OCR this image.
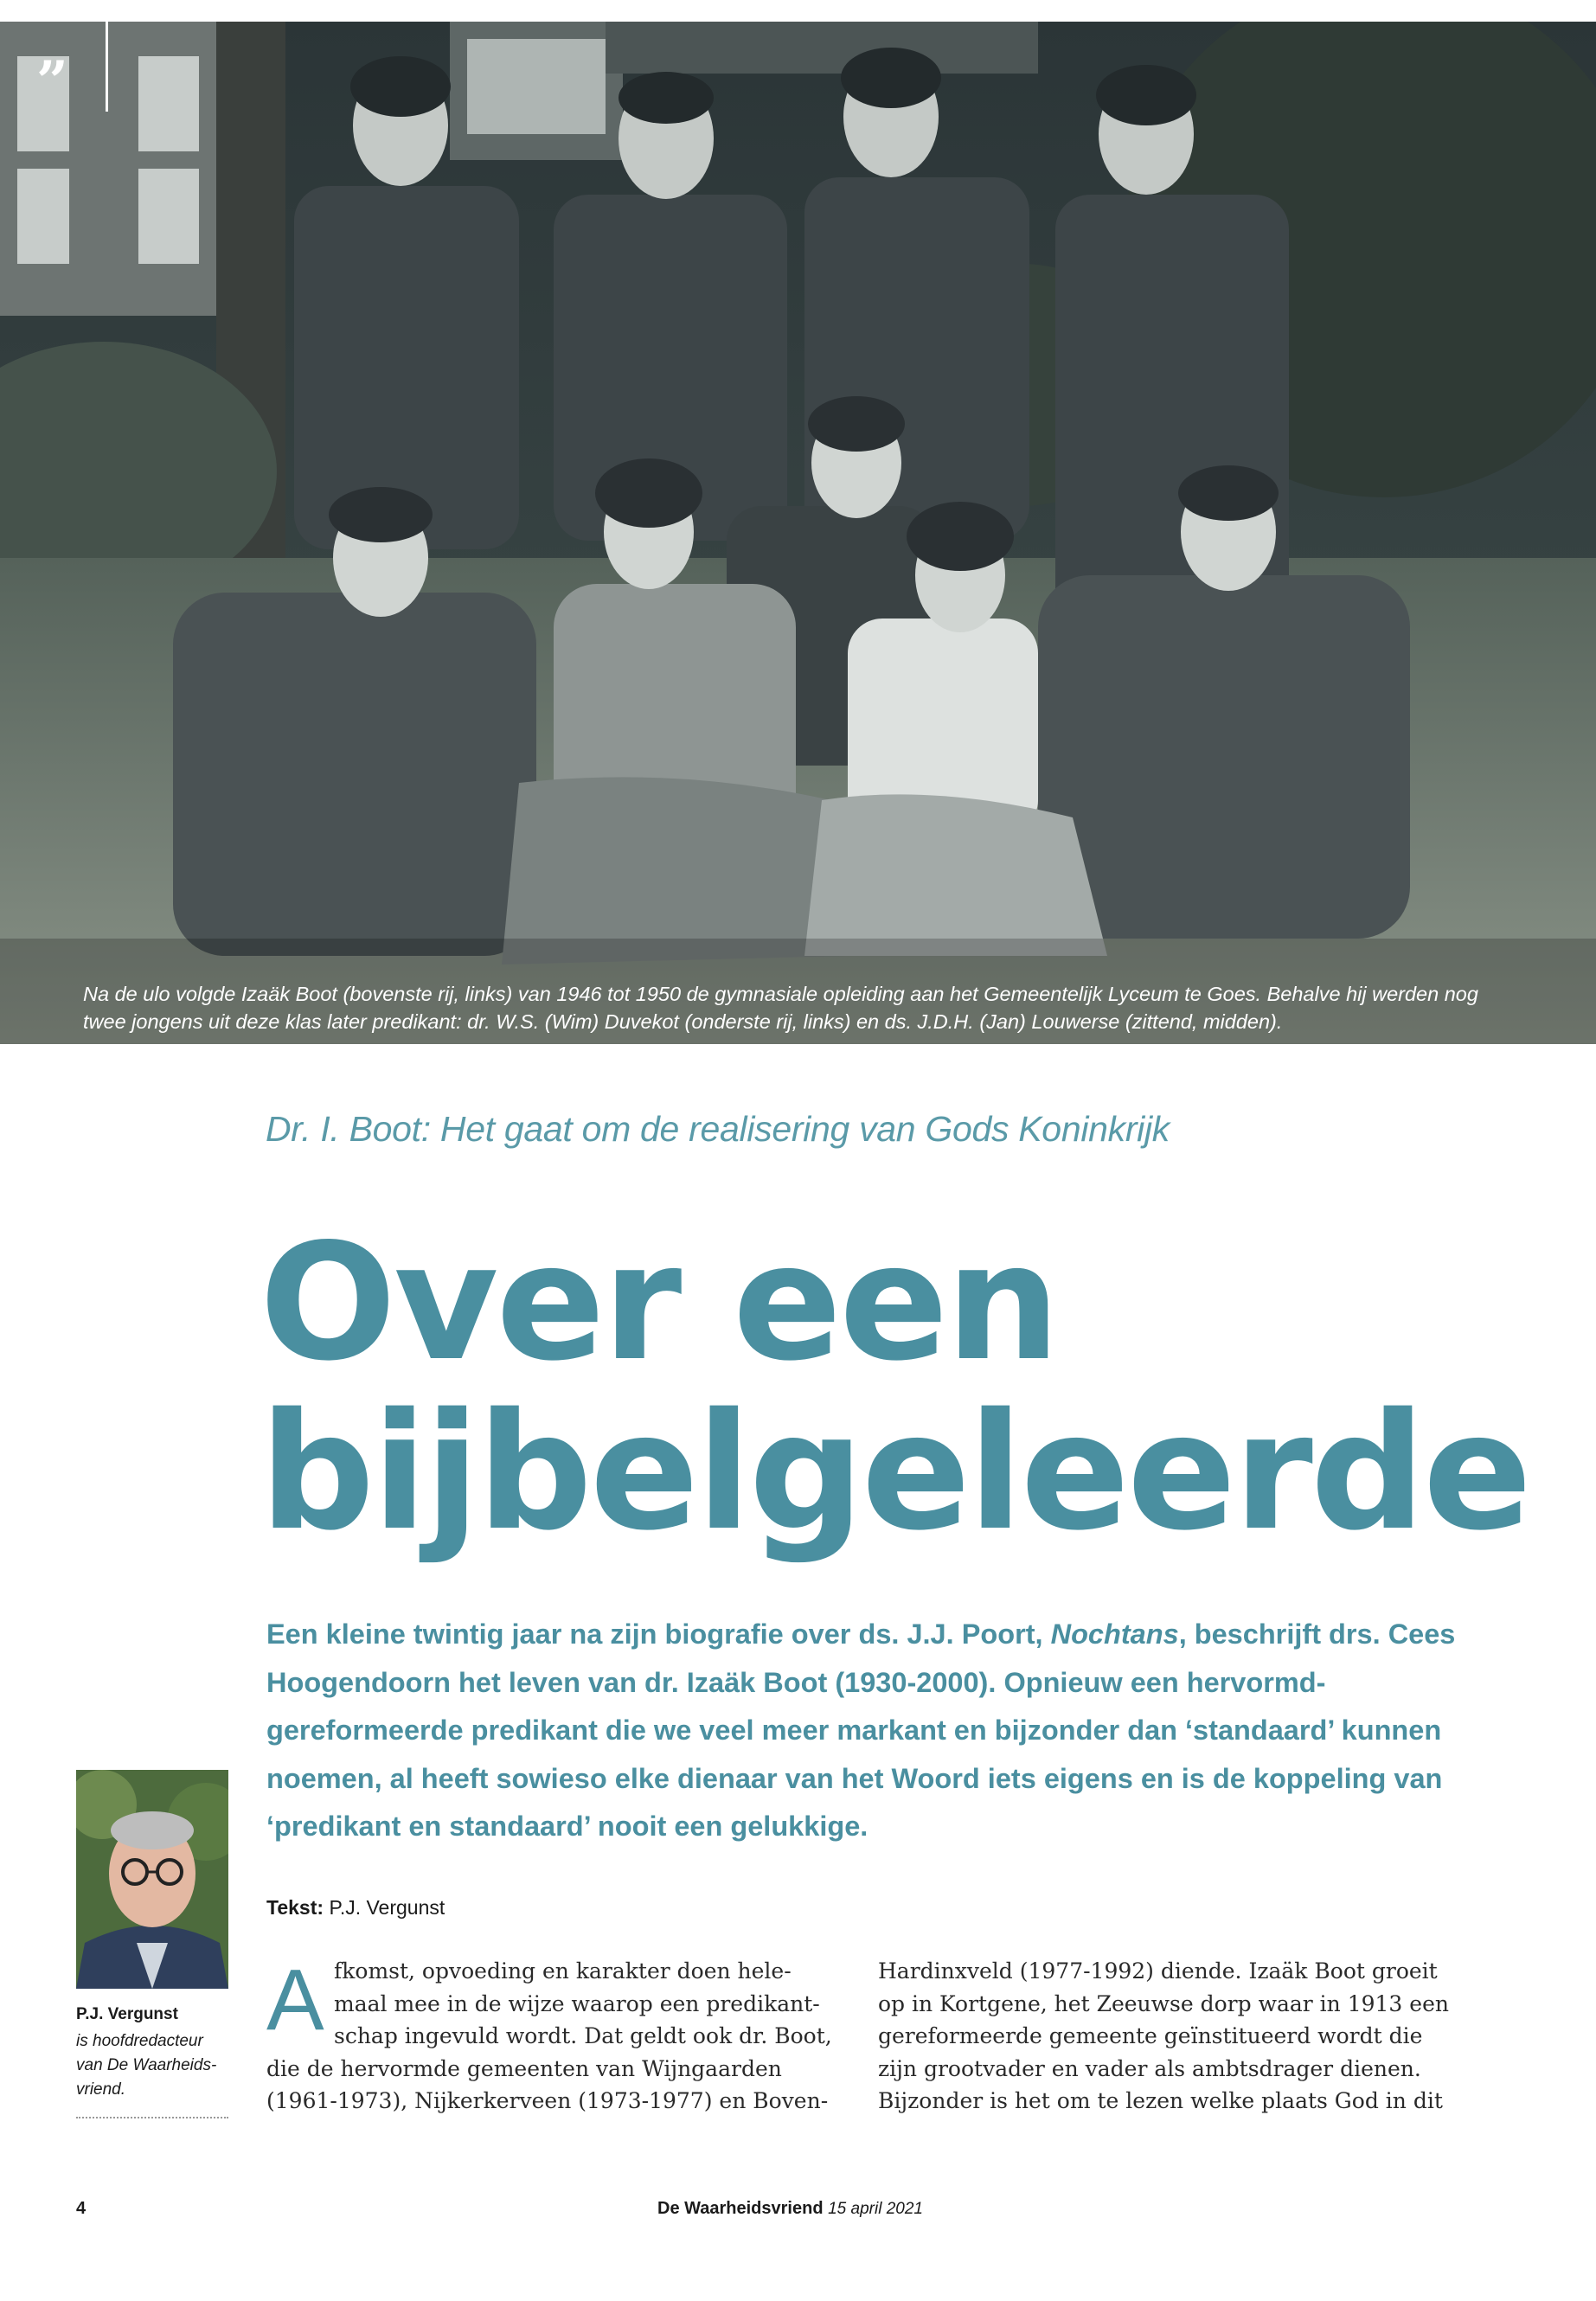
”
Na de ulo volgde Izaäk Boot (bovenste rij, links) van 1946 tot 1950 de gymnasiale opleiding aan het Gemeentelijk Lyceum te Goes. Behalve hij werden nog twee jongens uit deze klas later predikant: dr. W.S. (Wim) Duvekot (onderste rij, links) en ds. J.D.H. (Jan) Louwerse (zittend, midden).
Dr. I. Boot: Het gaat om de realisering van Gods Koninkrijk
Over een
bijbelgeleerde

Een kleine twintig jaar na zijn biografie over ds. J.J. Poort, Nochtans, beschrijft drs. Cees Hoogendoorn het leven van dr. Izaäk Boot (1930-2000). Opnieuw een hervormd-gereformeerde predikant die we veel meer markant en bijzonder dan ‘standaard’ kunnen noemen, al heeft sowieso elke dienaar van het Woord iets eigens en is de koppeling van ‘predikant en standaard’ nooit een gelukkige.

Tekst: P.J. Vergunst
P.J. Vergunst
is hoofdredacteur van De Waarheids-vriend.
A fkomst, opvoeding en karakter doen hele-
maal mee in de wijze waarop een predikant-
schap ingevuld wordt. Dat geldt ook dr. Boot,
die de hervormde gemeenten van Wijngaarden
(1961-1973), Nijkerkerveen (1973-1977) en Boven-
Hardinxveld (1977-1992) diende. Izaäk Boot groeit
op in Kortgene, het Zeeuwse dorp waar in 1913 een
gereformeerde gemeente geïnstitueerd wordt die
zijn grootvader en vader als ambtsdrager dienen.
Bijzonder is het om te lezen welke plaats God in dit
4	De Waarheidsvriend 15 april 2021
